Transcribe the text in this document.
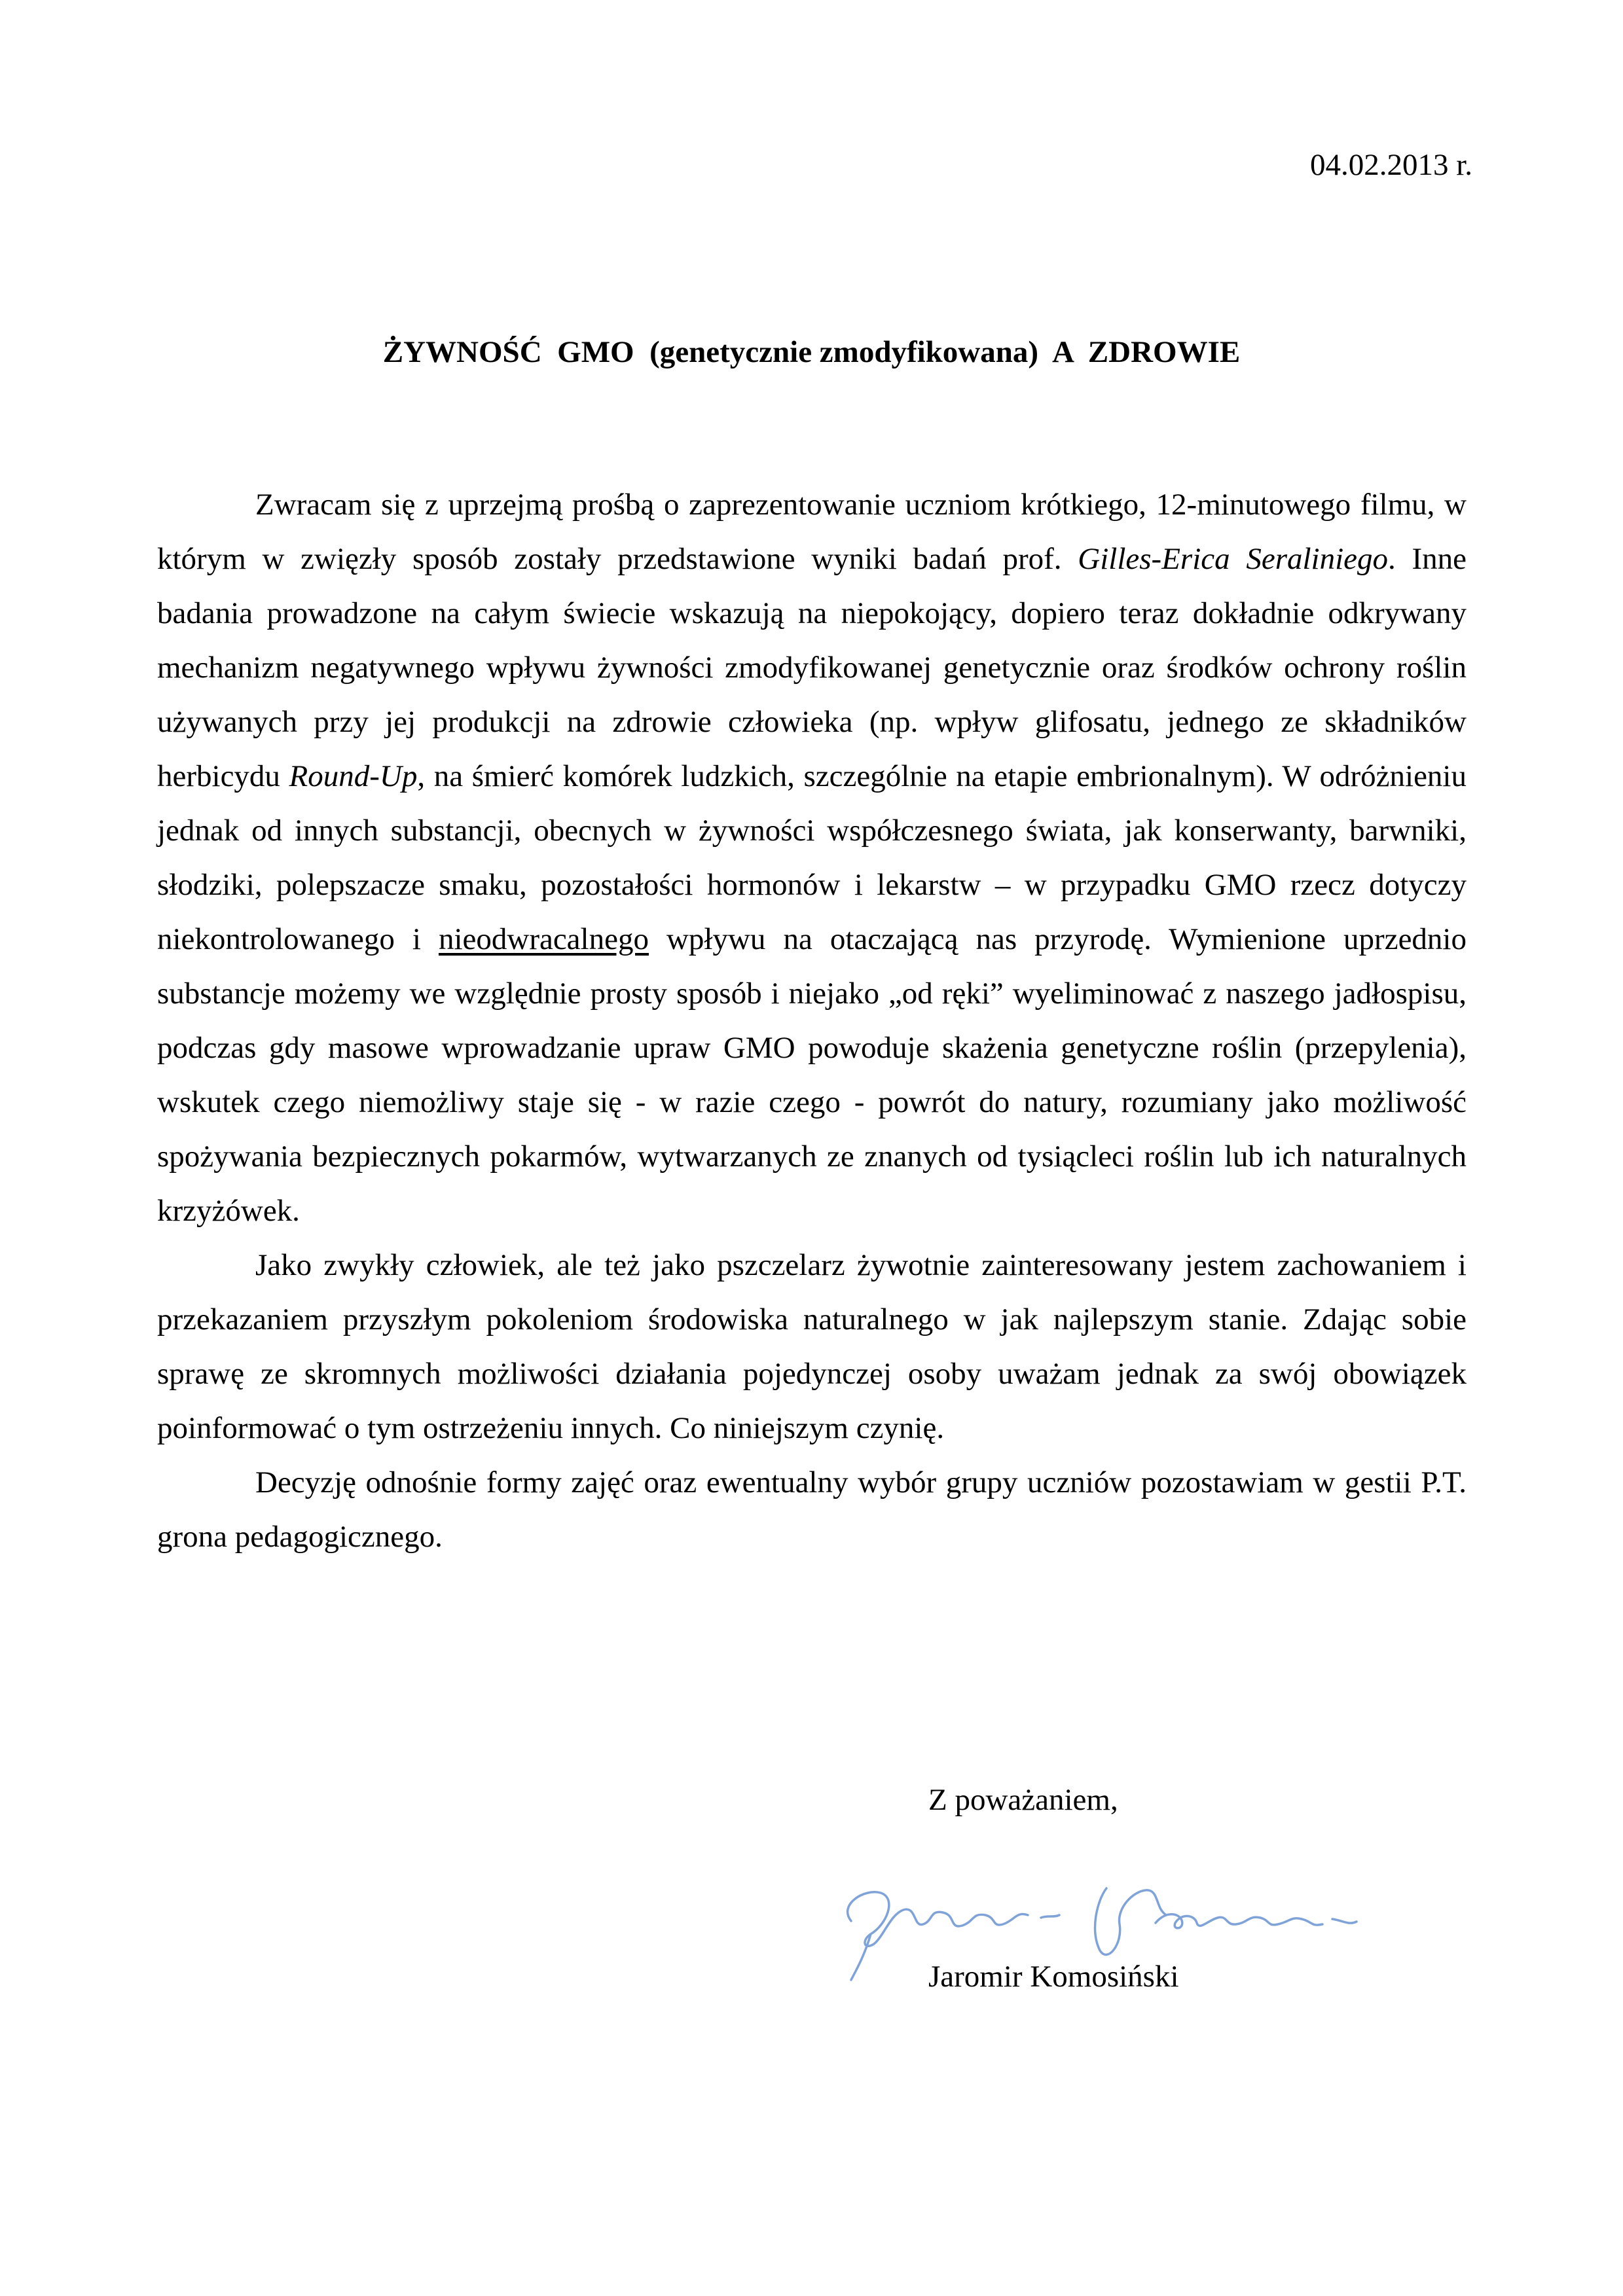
04.02.2013 r.
ŻYWNOŚĆ  GMO  (genetycznie zmodyfikowana)  A  ZDROWIE

Zwracam się z uprzejmą prośbą o zaprezentowanie uczniom krótkiego, 12-minutowego filmu, w którym w zwięzły sposób zostały przedstawione wyniki badań prof. Gilles-Erica Seraliniego. Inne badania prowadzone na całym świecie wskazują na niepokojący, dopiero teraz dokładnie odkrywany mechanizm negatywnego wpływu żywności zmodyfikowanej genetycznie oraz środków ochrony roślin używanych przy jej produkcji na zdrowie człowieka (np. wpływ glifosatu, jednego ze składników herbicydu Round-Up, na śmierć komórek ludzkich, szczególnie na etapie embrionalnym). W odróżnieniu jednak od innych substancji, obecnych w żywności współczesnego świata, jak konserwanty, barwniki, słodziki, polepszacze smaku, pozostałości hormonów i lekarstw – w przypadku GMO rzecz dotyczy niekontrolowanego i nieodwracalnego wpływu na otaczającą nas przyrodę. Wymienione uprzednio substancje możemy we względnie prosty sposób i niejako „od ręki” wyeliminować z naszego jadłospisu, podczas gdy masowe wprowadzanie upraw GMO powoduje skażenia genetyczne roślin (przepylenia), wskutek czego niemożliwy staje się - w razie czego - powrót do natury, rozumiany jako możliwość spożywania bezpiecznych pokarmów, wytwarzanych ze znanych od tysiącleci roślin lub ich naturalnych krzyżówek.

Jako zwykły człowiek, ale też jako pszczelarz żywotnie zainteresowany jestem zachowaniem i przekazaniem przyszłym pokoleniom środowiska naturalnego w jak najlepszym stanie. Zdając sobie sprawę ze skromnych możliwości działania pojedynczej osoby uważam jednak za swój obowiązek poinformować o tym ostrzeżeniu innych. Co niniejszym czynię.

Decyzję odnośnie formy zajęć oraz ewentualny wybór grupy uczniów pozostawiam w gestii P.T. grona pedagogicznego.

Z poważaniem,
Jaromir Komosiński
